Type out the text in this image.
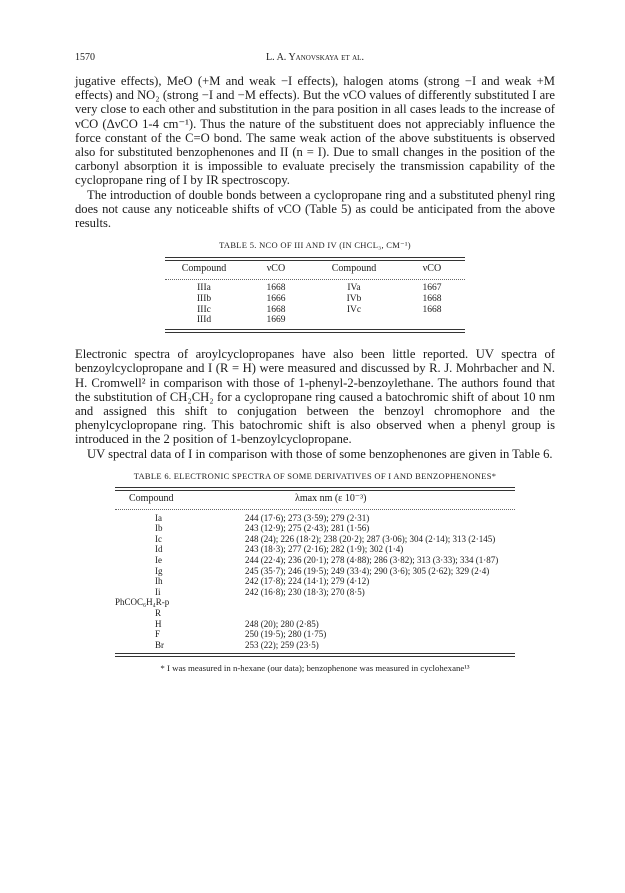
1570	L. A. Yanovskaya et al.

jugative effects), MeO (+M and weak −I effects), halogen atoms (strong −I and weak +M effects) and NO₂ (strong −I and −M effects). But the νCO values of differently substituted I are very close to each other and substitution in the para position in all cases leads to the increase of νCO (ΔνCO 1-4 cm⁻¹). Thus the nature of the substituent does not appreciably influence the force constant of the C=O bond. The same weak action of the above substituents is observed also for substituted benzophenones and II (n = I). Due to small changes in the position of the carbonyl absorption it is impossible to evaluate precisely the transmission capability of the cyclopropane ring of I by IR spectroscopy.

The introduction of double bonds between a cyclopropane ring and a substituted phenyl ring does not cause any noticeable shifts of νCO (Table 5) as could be anticipated from the above results.

TABLE 5. ΝCO OF III AND IV (IN CHCL₃, CM⁻¹)
Compound	νCO	Compound	νCO

IIIa	1668	IVa	1667
IIIb	1666	IVb	1668
IIIc	1668	IVc	1668
IIId	1669		

Electronic spectra of aroylcyclopropanes have also been little reported. UV spectra of benzoylcyclopropane and I (R = H) were measured and discussed by R. J. Mohrbacher and N. H. Cromwell² in comparison with those of 1-phenyl-2-benzoylethane. The authors found that the substitution of CH₂CH₂ for a cyclopropane ring caused a batochromic shift of about 10 nm and assigned this shift to conjugation between the benzoyl chromophore and the phenylcyclopropane ring. This batochromic shift is also observed when a phenyl group is introduced in the 2 position of 1-benzoylcyclopropane.

UV spectral data of I in comparison with those of some benzophenones are given in Table 6.

TABLE 6. ELECTRONIC SPECTRA OF SOME DERIVATIVES OF I AND BENZOPHENONES*
Compound	λmax nm (ε 10⁻³)

Ia	244 (17·6); 273 (3·59); 279 (2·31)
Ib	243 (12·9); 275 (2·43); 281 (1·56)
Ic	248 (24); 226 (18·2); 238 (20·2); 287 (3·06); 304 (2·14); 313 (2·145)
Id	243 (18·3); 277 (2·16); 282 (1·9); 302 (1·4)
Ie	244 (22·4); 236 (20·1); 278 (4·88); 286 (3·82); 313 (3·33); 334 (1·87)
Ig	245 (35·7); 246 (19·5); 249 (33·4); 290 (3·6); 305 (2·62); 329 (2·4)
Ih	242 (17·8); 224 (14·1); 279 (4·12)
Ii	242 (16·8); 230 (18·3); 270 (8·5)
PhCOC₆H₄R-p	
R	
H	248 (20); 280 (2·85)
F	250 (19·5); 280 (1·75)
Br	253 (22); 259 (23·5)
* I was measured in n-hexane (our data); benzophenone was measured in cyclohexane¹³
